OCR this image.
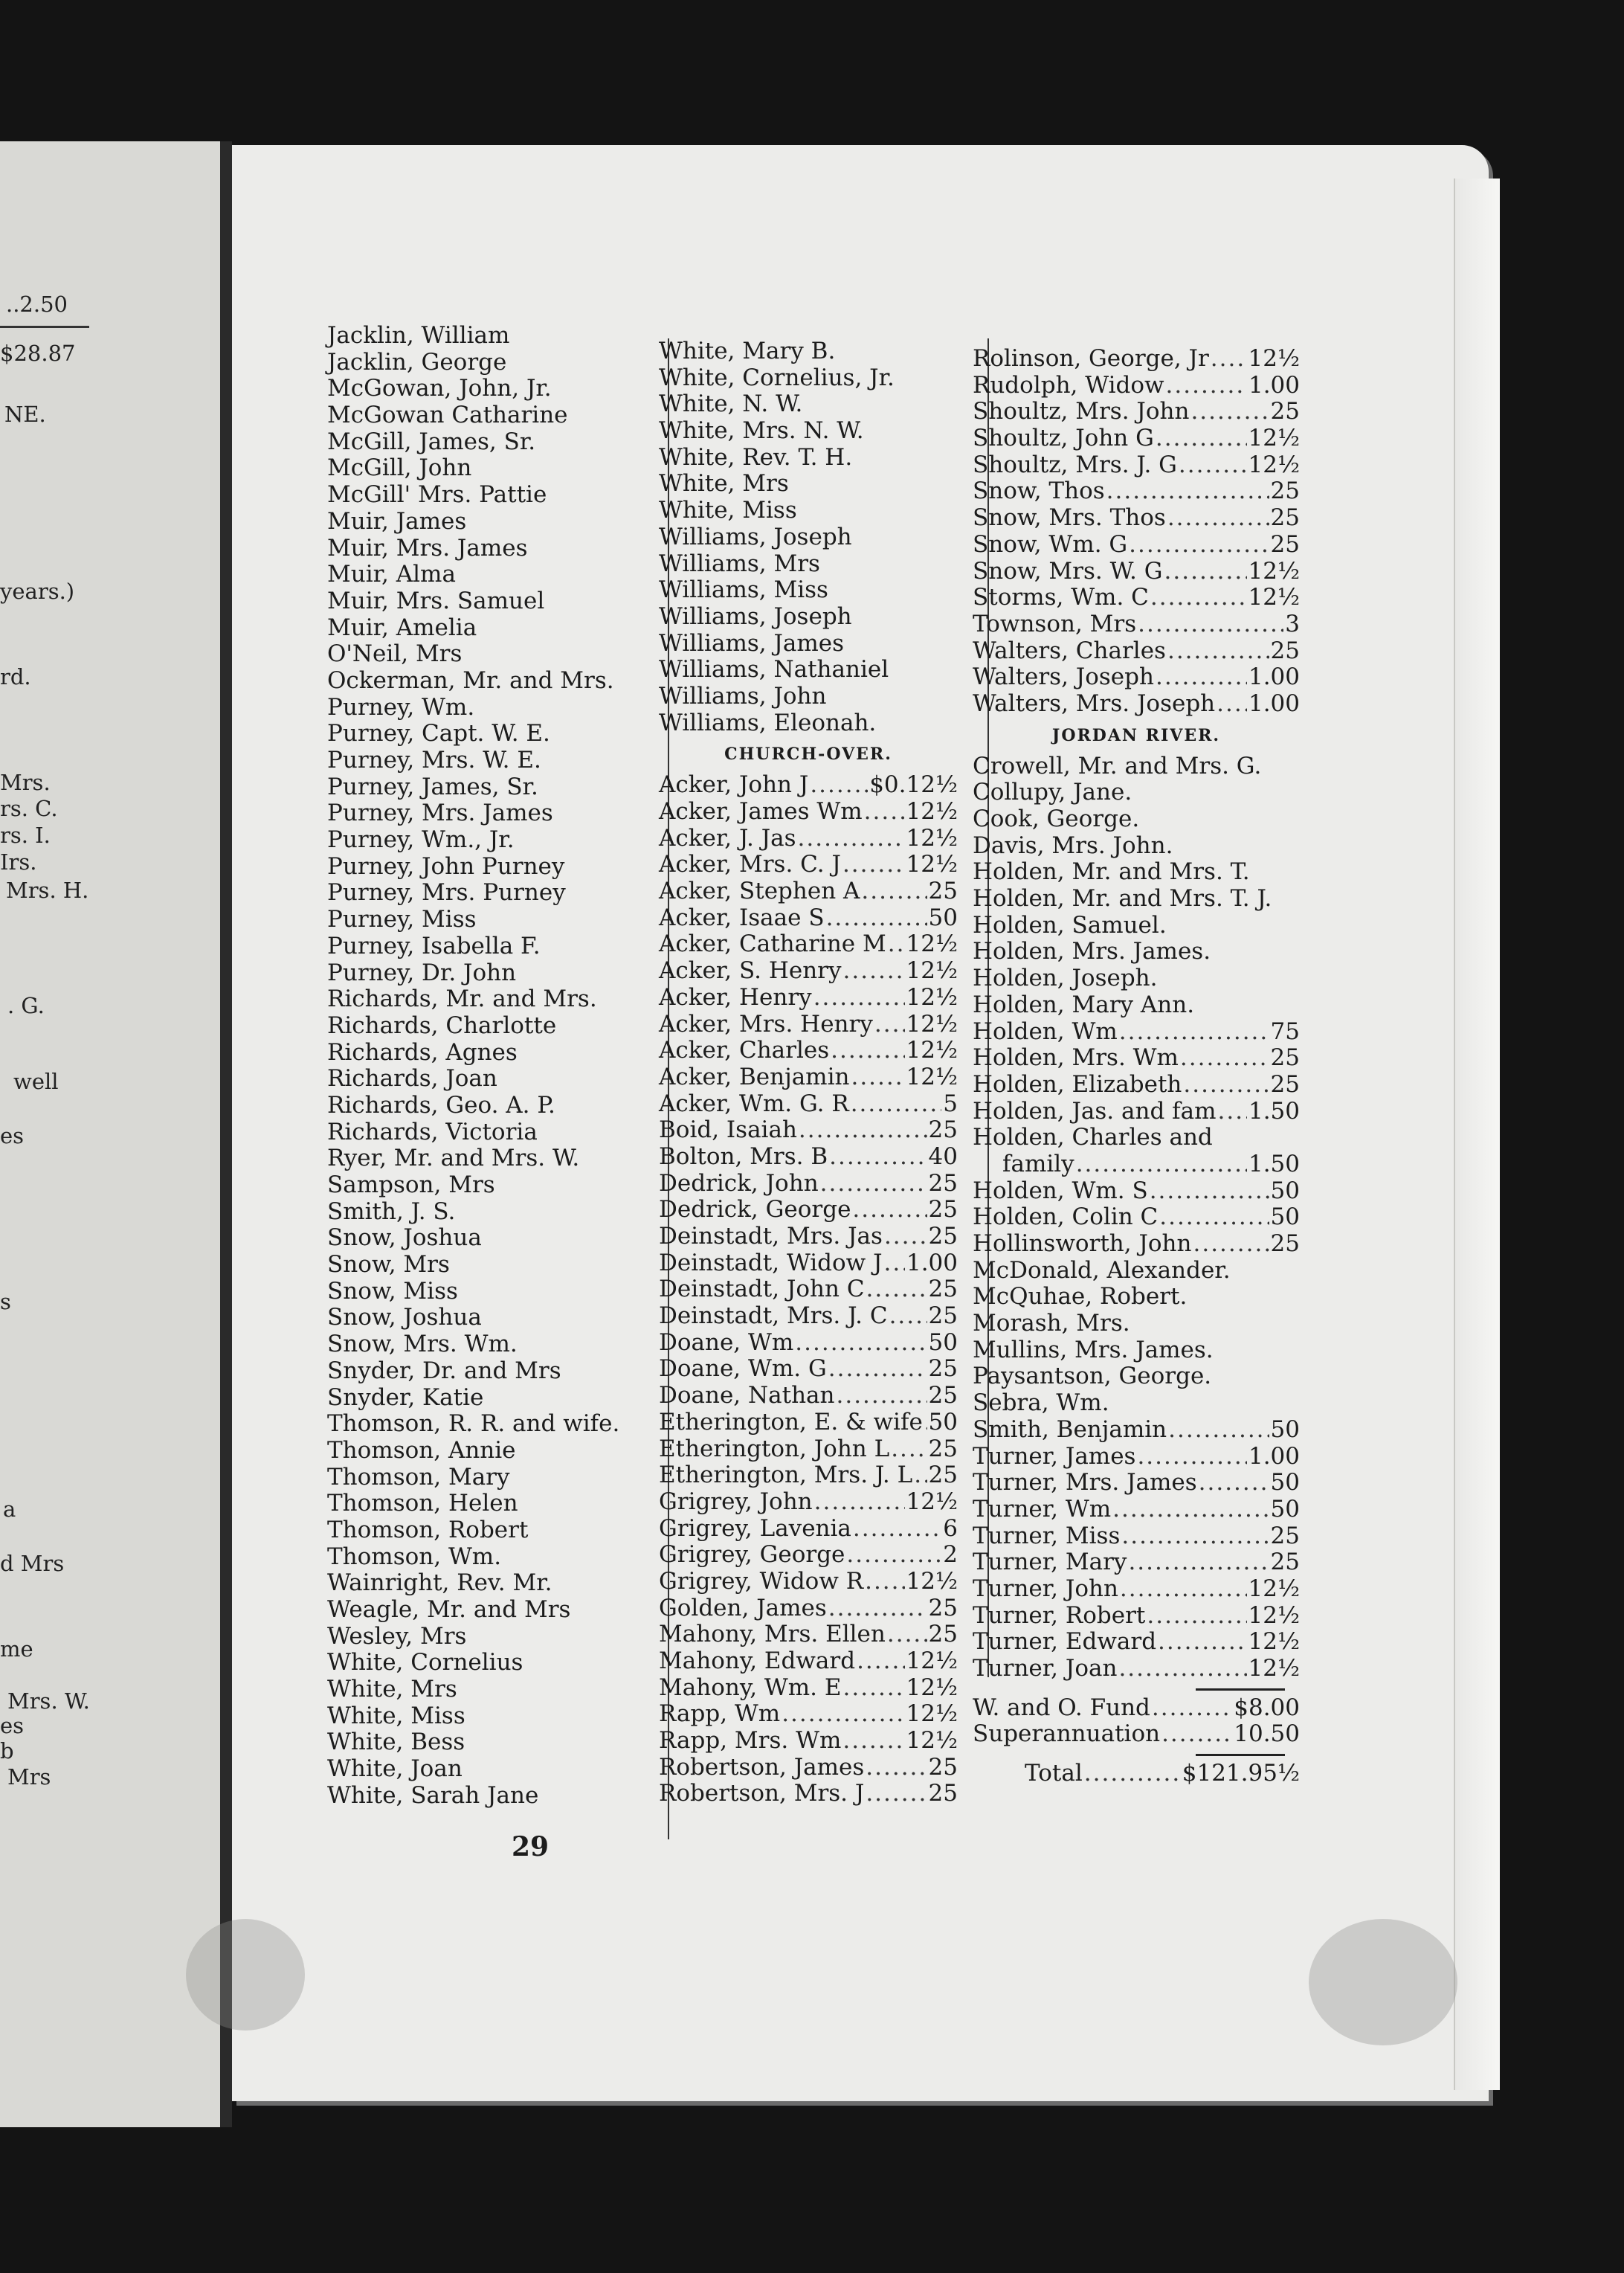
..2.50
$28.87
NE.
years.)
rd.
Mrs.
rs. C.
rs. I.
Irs.
Mrs. H.
. G.
well
es
s
a
d Mrs
me
Mrs. W.
es
b
Mrs
Jacklin, William
Jacklin, George
McGowan, John, Jr.
McGowan Catharine
McGill, James, Sr.
McGill, John
McGill' Mrs. Pattie
Muir, James
Muir, Mrs. James
Muir, Alma
Muir, Mrs. Samuel
Muir, Amelia
O'Neil, Mrs
Ockerman, Mr. and Mrs.
Purney, Wm.
Purney, Capt. W. E.
Purney, Mrs. W. E.
Purney, James, Sr.
Purney, Mrs. James
Purney, Wm., Jr.
Purney, John Purney
Purney, Mrs. Purney
Purney, Miss
Purney, Isabella F.
Purney, Dr. John
Richards, Mr. and Mrs.
Richards, Charlotte
Richards, Agnes
Richards, Joan
Richards, Geo. A. P.
Richards, Victoria
Ryer, Mr. and Mrs. W.
Sampson, Mrs
Smith, J. S.
Snow, Joshua
Snow, Mrs
Snow, Miss
Snow, Joshua
Snow, Mrs. Wm.
Snyder, Dr. and Mrs
Snyder, Katie
Thomson, R. R. and wife.
Thomson, Annie
Thomson, Mary
Thomson, Helen
Thomson, Robert
Thomson, Wm.
Wainright, Rev. Mr.
Weagle, Mr. and Mrs
Wesley, Mrs
White, Cornelius
White, Mrs
White, Miss
White, Bess
White, Joan
White, Sarah Jane
White, Mary B.
White, Cornelius, Jr.
White, N. W.
White, Mrs. N. W.
White, Rev. T. H.
White, Mrs
White, Miss
Williams, Joseph
Williams, Mrs
Williams, Miss
Williams, Joseph
Williams, James
Williams, Nathaniel
Williams, John
Williams, Eleonah.
CHURCH-OVER.
Acker, John J .....	$0.12½
Acker, James Wm ..... 12½
Acker, J. Jas .....	12½
Acker, Mrs. C. J .....	12½
Acker, Stephen A .....	25
Acker, Isaae S .....	50
Acker, Catharine M ..... 12½
Acker, S. Henry .....	12½
Acker, Henry .....	12½
Acker, Mrs. Henry ..... 12½
Acker, Charles .....	12½
Acker, Benjamin ..... 12½
Acker, Wm. G. R .....	5
Boid, Isaiah .....	25
Bolton, Mrs. B .....	40
Dedrick, John .....	25
Dedrick, George .....	25
Deinstadt, Mrs. Jas ..... 25
Deinstadt, Widow J ..... 1.00
Deinstadt, John C .....	25
Deinstadt, Mrs. J. C ..... 25
Doane, Wm .....	50
Doane, Wm. G .....	25
Doane, Nathan .....	25
Etherington, E. & wife ..... 50
Etherington, John L ..... 25
Etherington, Mrs. J. L ..... 25
Grigrey, John .....	12½
Grigrey, Lavenia .....	6
Grigrey, George .....	2
Grigrey, Widow R ..... 12½
Golden, James .....	25
Mahony, Mrs. Ellen ..... 25
Mahony, Edward ..... 12½
Mahony, Wm. E .....	12½
Rapp, Wm .....	12½
Rapp, Mrs. Wm .....	12½
Robertson, James .....	25
Robertson, Mrs. J .....	25
Rolinson, George, Jr ..... 12½
Rudolph, Widow .....	1.00
Shoultz, Mrs. John .....	25
Shoultz, John G .....	12½
Shoultz, Mrs. J. G .....	12½
Snow, Thos .....	25
Snow, Mrs. Thos .....	25
Snow, Wm. G .....	25
Snow, Mrs. W. G .....	12½
Storms, Wm. C .....	12½
Townson, Mrs .....	3
Walters, Charles .....	25
Walters, Joseph .....	1.00
Walters, Mrs. Joseph ..... 1.00
JORDAN RIVER.
Crowell, Mr. and Mrs. G.
Collupy, Jane.
Cook, George.
Davis, Mrs. John.
Holden, Mr. and Mrs. T.
Holden, Mr. and Mrs. T. J.
Holden, Samuel.
Holden, Mrs. James.
Holden, Joseph.
Holden, Mary Ann.
Holden, Wm .....	75
Holden, Mrs. Wm .....	25
Holden, Elizabeth .....	25
Holden, Jas. and fam ..... 1.50
Holden, Charles and
family .....	1.50
Holden, Wm. S .....	50
Holden, Colin C .....	50
Hollinsworth, John .....	25
McDonald, Alexander.
McQuhae, Robert.
Morash, Mrs.
Mullins, Mrs. James.
Paysantson, George.
Sebra, Wm.
Smith, Benjamin .....	50
Turner, James .....	1.00
Turner, Mrs. James .....	50
Turner, Wm .....	50
Turner, Miss .....	25
Turner, Mary .....	25
Turner, John .....	12½
Turner, Robert .....	12½
Turner, Edward .....	12½
Turner, Joan .....	12½
W. and O. Fund .....	$8.00
Superannuation .....	10.50
Total .....	$121.95½
29
